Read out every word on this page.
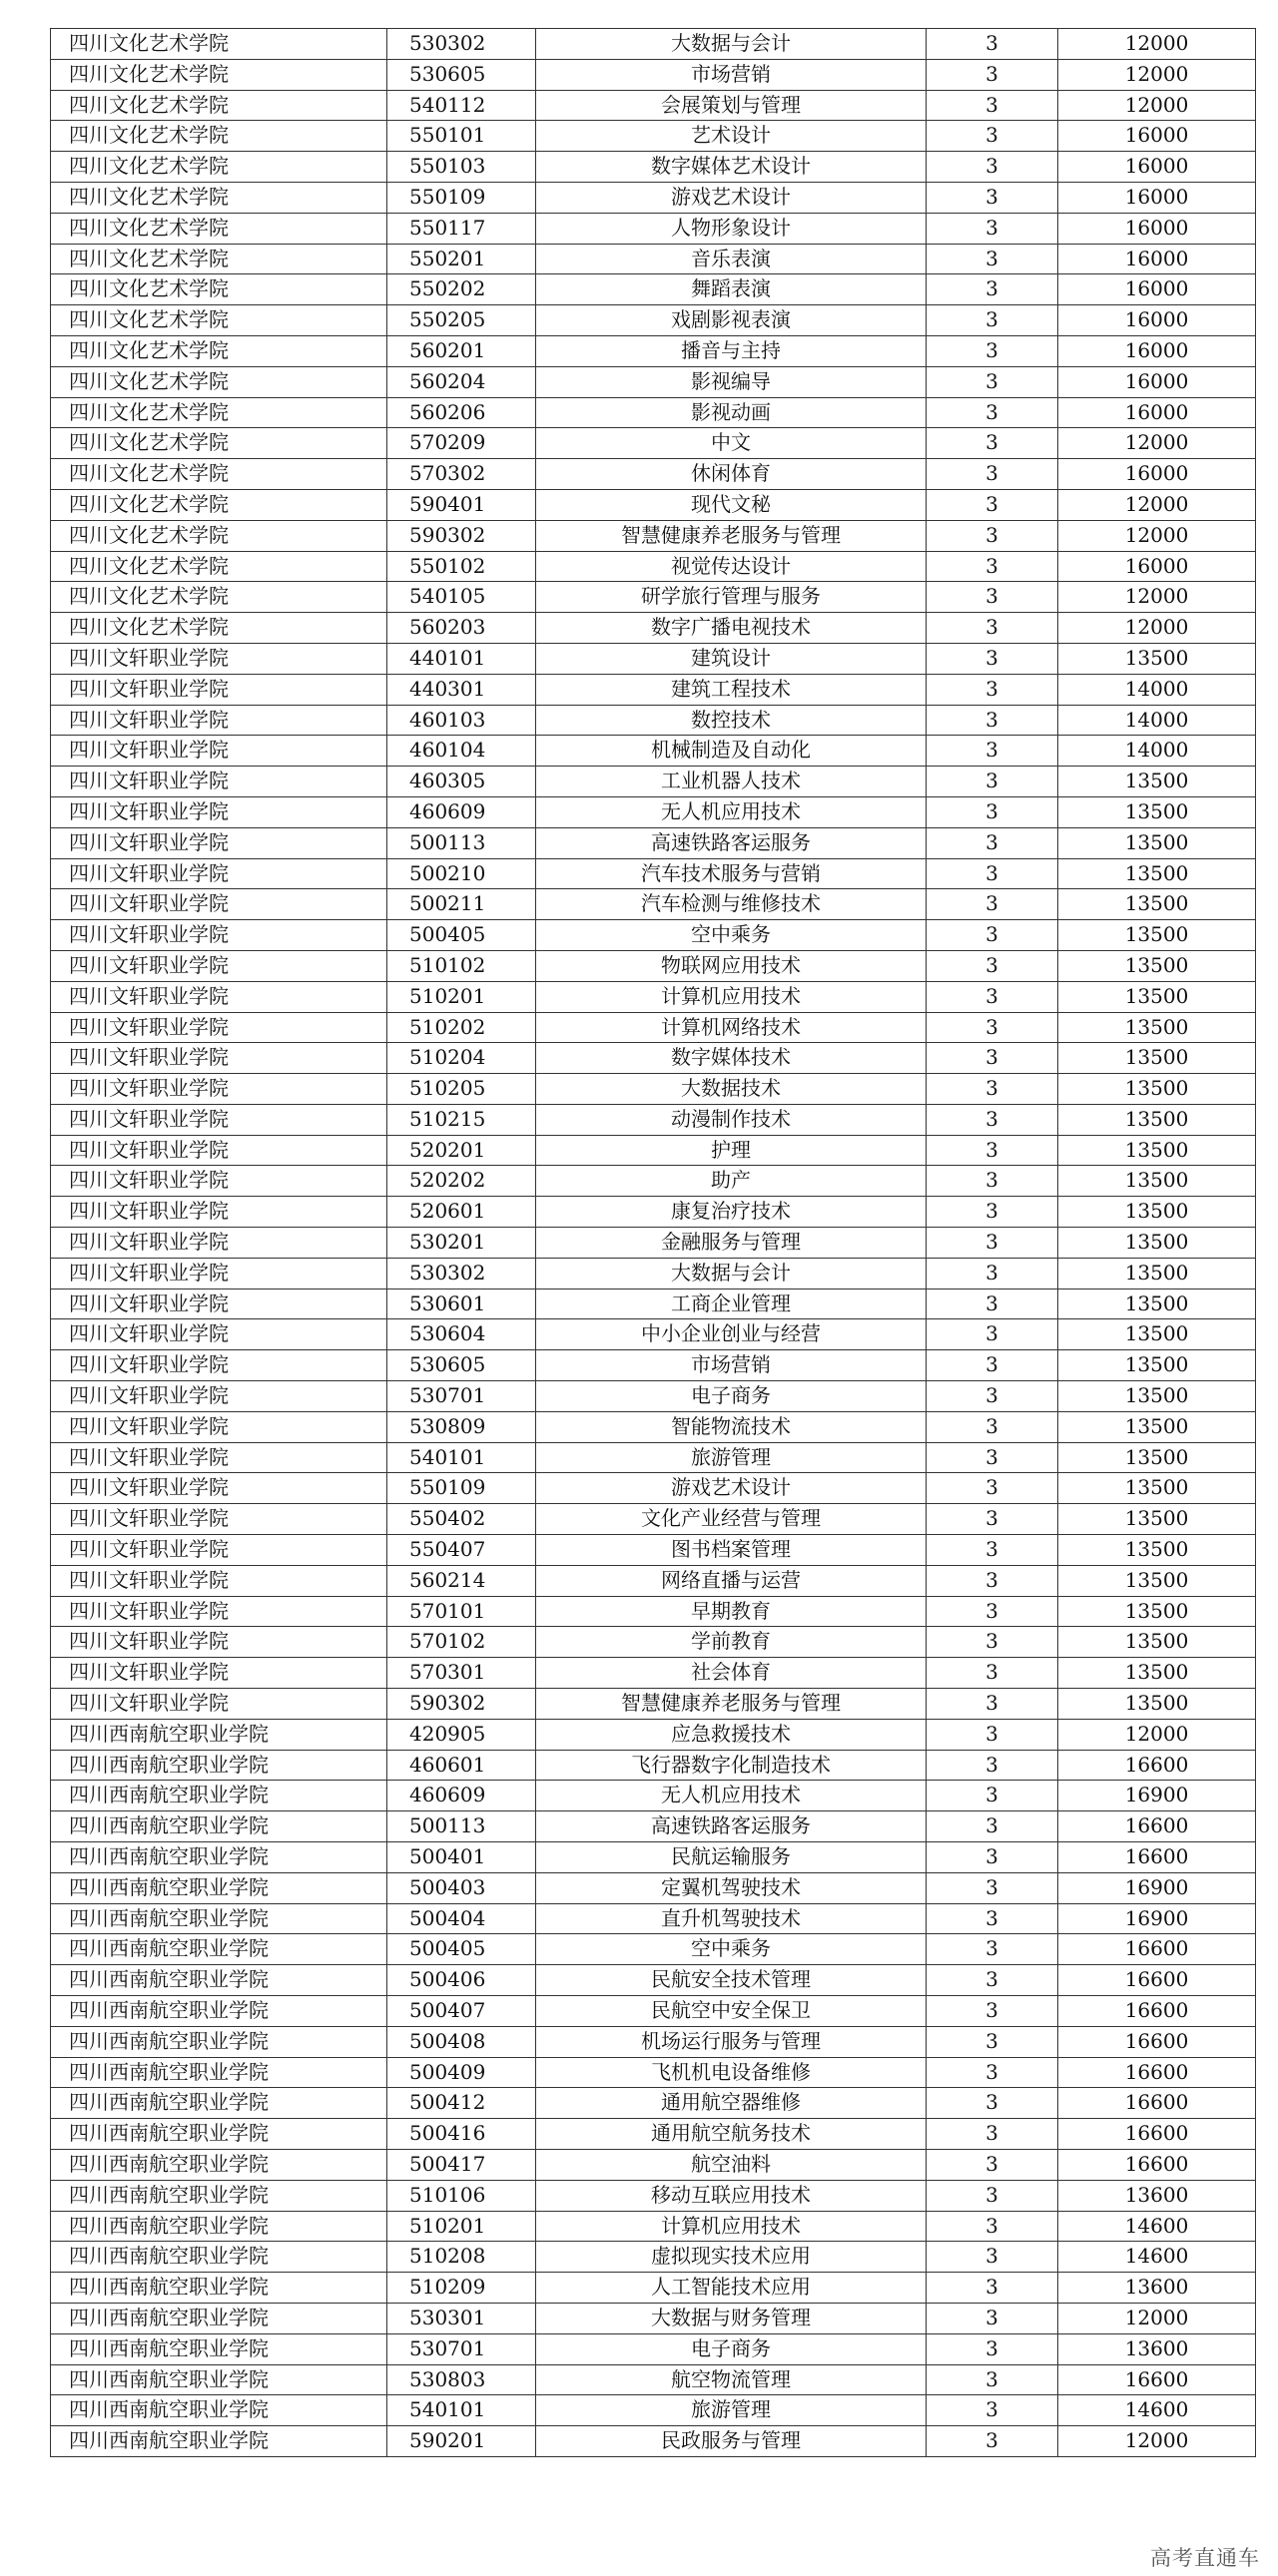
四川文化艺术学院	530302	大数据与会计	3	12000
四川文化艺术学院	530605	市场营销	3	12000
四川文化艺术学院	540112	会展策划与管理	3	12000
四川文化艺术学院	550101	艺术设计	3	16000
四川文化艺术学院	550103	数字媒体艺术设计	3	16000
四川文化艺术学院	550109	游戏艺术设计	3	16000
四川文化艺术学院	550117	人物形象设计	3	16000
四川文化艺术学院	550201	音乐表演	3	16000
四川文化艺术学院	550202	舞蹈表演	3	16000
四川文化艺术学院	550205	戏剧影视表演	3	16000
四川文化艺术学院	560201	播音与主持	3	16000
四川文化艺术学院	560204	影视编导	3	16000
四川文化艺术学院	560206	影视动画	3	16000
四川文化艺术学院	570209	中文	3	12000
四川文化艺术学院	570302	休闲体育	3	16000
四川文化艺术学院	590401	现代文秘	3	12000
四川文化艺术学院	590302	智慧健康养老服务与管理	3	12000
四川文化艺术学院	550102	视觉传达设计	3	16000
四川文化艺术学院	540105	研学旅行管理与服务	3	12000
四川文化艺术学院	560203	数字广播电视技术	3	12000
四川文轩职业学院	440101	建筑设计	3	13500
四川文轩职业学院	440301	建筑工程技术	3	14000
四川文轩职业学院	460103	数控技术	3	14000
四川文轩职业学院	460104	机械制造及自动化	3	14000
四川文轩职业学院	460305	工业机器人技术	3	13500
四川文轩职业学院	460609	无人机应用技术	3	13500
四川文轩职业学院	500113	高速铁路客运服务	3	13500
四川文轩职业学院	500210	汽车技术服务与营销	3	13500
四川文轩职业学院	500211	汽车检测与维修技术	3	13500
四川文轩职业学院	500405	空中乘务	3	13500
四川文轩职业学院	510102	物联网应用技术	3	13500
四川文轩职业学院	510201	计算机应用技术	3	13500
四川文轩职业学院	510202	计算机网络技术	3	13500
四川文轩职业学院	510204	数字媒体技术	3	13500
四川文轩职业学院	510205	大数据技术	3	13500
四川文轩职业学院	510215	动漫制作技术	3	13500
四川文轩职业学院	520201	护理	3	13500
四川文轩职业学院	520202	助产	3	13500
四川文轩职业学院	520601	康复治疗技术	3	13500
四川文轩职业学院	530201	金融服务与管理	3	13500
四川文轩职业学院	530302	大数据与会计	3	13500
四川文轩职业学院	530601	工商企业管理	3	13500
四川文轩职业学院	530604	中小企业创业与经营	3	13500
四川文轩职业学院	530605	市场营销	3	13500
四川文轩职业学院	530701	电子商务	3	13500
四川文轩职业学院	530809	智能物流技术	3	13500
四川文轩职业学院	540101	旅游管理	3	13500
四川文轩职业学院	550109	游戏艺术设计	3	13500
四川文轩职业学院	550402	文化产业经营与管理	3	13500
四川文轩职业学院	550407	图书档案管理	3	13500
四川文轩职业学院	560214	网络直播与运营	3	13500
四川文轩职业学院	570101	早期教育	3	13500
四川文轩职业学院	570102	学前教育	3	13500
四川文轩职业学院	570301	社会体育	3	13500
四川文轩职业学院	590302	智慧健康养老服务与管理	3	13500
四川西南航空职业学院	420905	应急救援技术	3	12000
四川西南航空职业学院	460601	飞行器数字化制造技术	3	16600
四川西南航空职业学院	460609	无人机应用技术	3	16900
四川西南航空职业学院	500113	高速铁路客运服务	3	16600
四川西南航空职业学院	500401	民航运输服务	3	16600
四川西南航空职业学院	500403	定翼机驾驶技术	3	16900
四川西南航空职业学院	500404	直升机驾驶技术	3	16900
四川西南航空职业学院	500405	空中乘务	3	16600
四川西南航空职业学院	500406	民航安全技术管理	3	16600
四川西南航空职业学院	500407	民航空中安全保卫	3	16600
四川西南航空职业学院	500408	机场运行服务与管理	3	16600
四川西南航空职业学院	500409	飞机机电设备维修	3	16600
四川西南航空职业学院	500412	通用航空器维修	3	16600
四川西南航空职业学院	500416	通用航空航务技术	3	16600
四川西南航空职业学院	500417	航空油料	3	16600
四川西南航空职业学院	510106	移动互联应用技术	3	13600
四川西南航空职业学院	510201	计算机应用技术	3	14600
四川西南航空职业学院	510208	虚拟现实技术应用	3	14600
四川西南航空职业学院	510209	人工智能技术应用	3	13600
四川西南航空职业学院	530301	大数据与财务管理	3	12000
四川西南航空职业学院	530701	电子商务	3	13600
四川西南航空职业学院	530803	航空物流管理	3	16600
四川西南航空职业学院	540101	旅游管理	3	14600
四川西南航空职业学院	590201	民政服务与管理	3	12000
高考直通车
